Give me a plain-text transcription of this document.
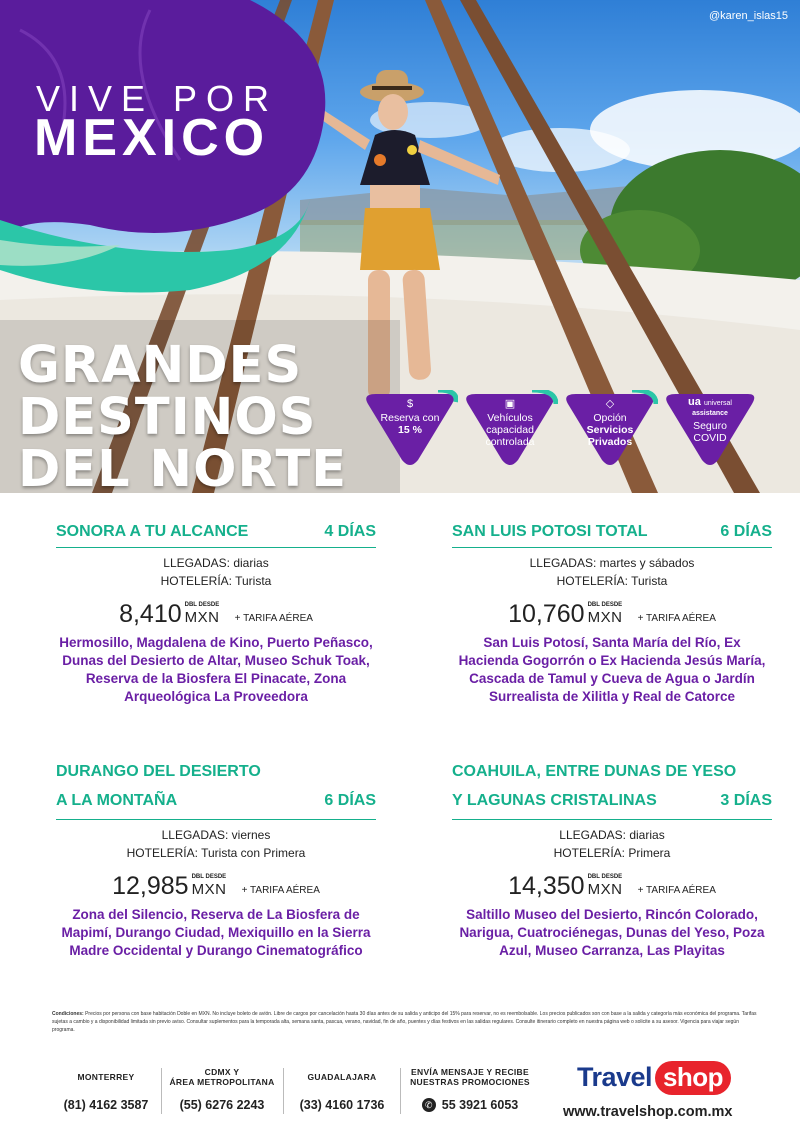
@karen_islas15
VIVE POR
MEXICO
GRANDES
DESTINOS
DEL NORTE
$
Reserva con
15 %
▣
Vehículos
capacidad
controlada
◇
Opción
Servicios
Privados
ua universal
assistance
Seguro
COVID
SONORA A TU ALCANCE	4 DÍAS
LLEGADAS: diarias
HOTELERÍA: Turista
8,410 DBL DESDE
MXN + TARIFA AÉREA
Hermosillo, Magdalena de Kino, Puerto Peñasco, Dunas del Desierto de Altar, Museo Schuk Toak, Reserva de la Biosfera El Pinacate, Zona Arqueológica La Proveedora
SAN LUIS POTOSI TOTAL	6 DÍAS
LLEGADAS: martes y sábados
HOTELERÍA: Turista
10,760 DBL DESDE
MXN + TARIFA AÉREA
San Luis Potosí, Santa María del Río, Ex Hacienda Gogorrón o Ex Hacienda Jesús María, Cascada de Tamul y Cueva de Agua o Jardín Surrealista de Xilitla y Real de Catorce
DURANGO DEL DESIERTO
A LA MONTAÑA	6 DÍAS
LLEGADAS: viernes
HOTELERÍA: Turista con Primera
12,985 DBL DESDE
MXN + TARIFA AÉREA
Zona del Silencio, Reserva de La Biosfera de Mapimí, Durango Ciudad, Mexiquillo en la Sierra Madre Occidental y Durango Cinematográfico
COAHUILA, ENTRE DUNAS DE YESO
Y LAGUNAS CRISTALINAS	3 DÍAS
LLEGADAS: diarias
HOTELERÍA: Primera
14,350 DBL DESDE
MXN + TARIFA AÉREA
Saltillo Museo del Desierto, Rincón Colorado, Narigua, Cuatrociénegas, Dunas del Yeso, Poza Azul, Museo Carranza, Las Playitas
Condiciones: Precios por persona con base habitación Doble en MXN. No incluye boleto de avión. Libre de cargos por cancelación hasta 30 días antes de su salida y anticipo del 15% para reservar, no es reembolsable. Los precios publicados son con base a la salida y categoría más económica del programa. Tarifas sujetas a cambio y a disponibilidad limitada sin previo aviso. Consultar suplementos para la temporada alta, semana santa, pascua, verano, navidad, fin de año, puentes y días festivos en las salidas regulares. Consulte itinerario completo en nuestra página web o solicite a su asesor. Vigencia para viajar según programa.
MONTERREY
(81) 4162 3587
CDMX Y
ÁREA METROPOLITANA
(55) 6276 2243
GUADALAJARA
(33) 4160 1736
ENVÍA MENSAJE Y RECIBE
NUESTRAS PROMOCIONES
✆ 55 3921 6053
Travel shop
www.travelshop.com.mx
